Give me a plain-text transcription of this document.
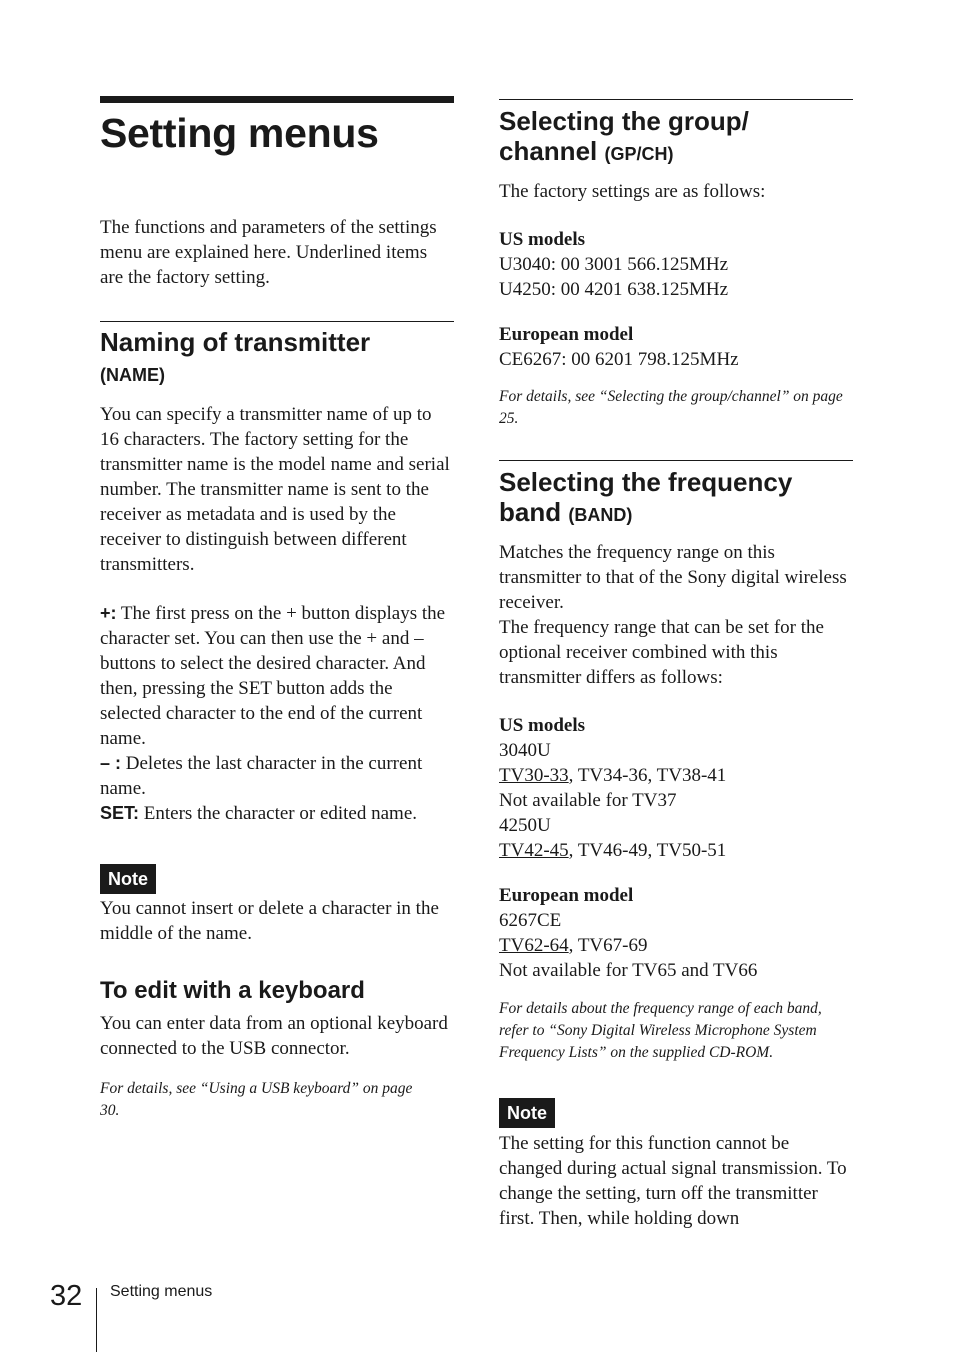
Setting menus

The functions and parameters of the settings menu are explained here. Underlined items are the factory setting.

Naming of transmitter
(NAME)

You can specify a transmitter name of up to 16 characters. The factory setting for the transmitter name is the model name and serial number. The transmitter name is sent to the receiver as metadata and is used by the receiver to distinguish between different transmitters.

+: The first press on the + button displays the character set. You can then use the + and – buttons to select the desired character. And then, pressing the SET button adds the selected character to the end of the current name.

– : Deletes the last character in the current name.

SET: Enters the character or edited name.

Note

You cannot insert or delete a character in the middle of the name.

To edit with a keyboard

You can enter data from an optional keyboard connected to the USB connector.

For details, see “Using a USB keyboard” on page 30.

Selecting the group/
channel (GP/CH)

The factory settings are as follows:

US models

U3040: 00 3001 566.125MHz

U4250: 00 4201 638.125MHz

European model

CE6267: 00 6201 798.125MHz

For details, see “Selecting the group/channel” on page 25.

Selecting the frequency
band (BAND)

Matches the frequency range on this transmitter to that of the Sony digital wireless receiver.

The frequency range that can be set for the optional receiver combined with this transmitter differs as follows:

US models

3040U

TV30-33, TV34-36, TV38-41

Not available for TV37

4250U

TV42-45, TV46-49, TV50-51

European model

6267CE

TV62-64, TV67-69

Not available for TV65 and TV66

For details about the frequency range of each band, refer to “Sony Digital Wireless Microphone System Frequency Lists” on the supplied CD-ROM.

Note

The setting for this function cannot be changed during actual signal transmission. To change the setting, turn off the transmitter first. Then, while holding down

32 Setting menus
